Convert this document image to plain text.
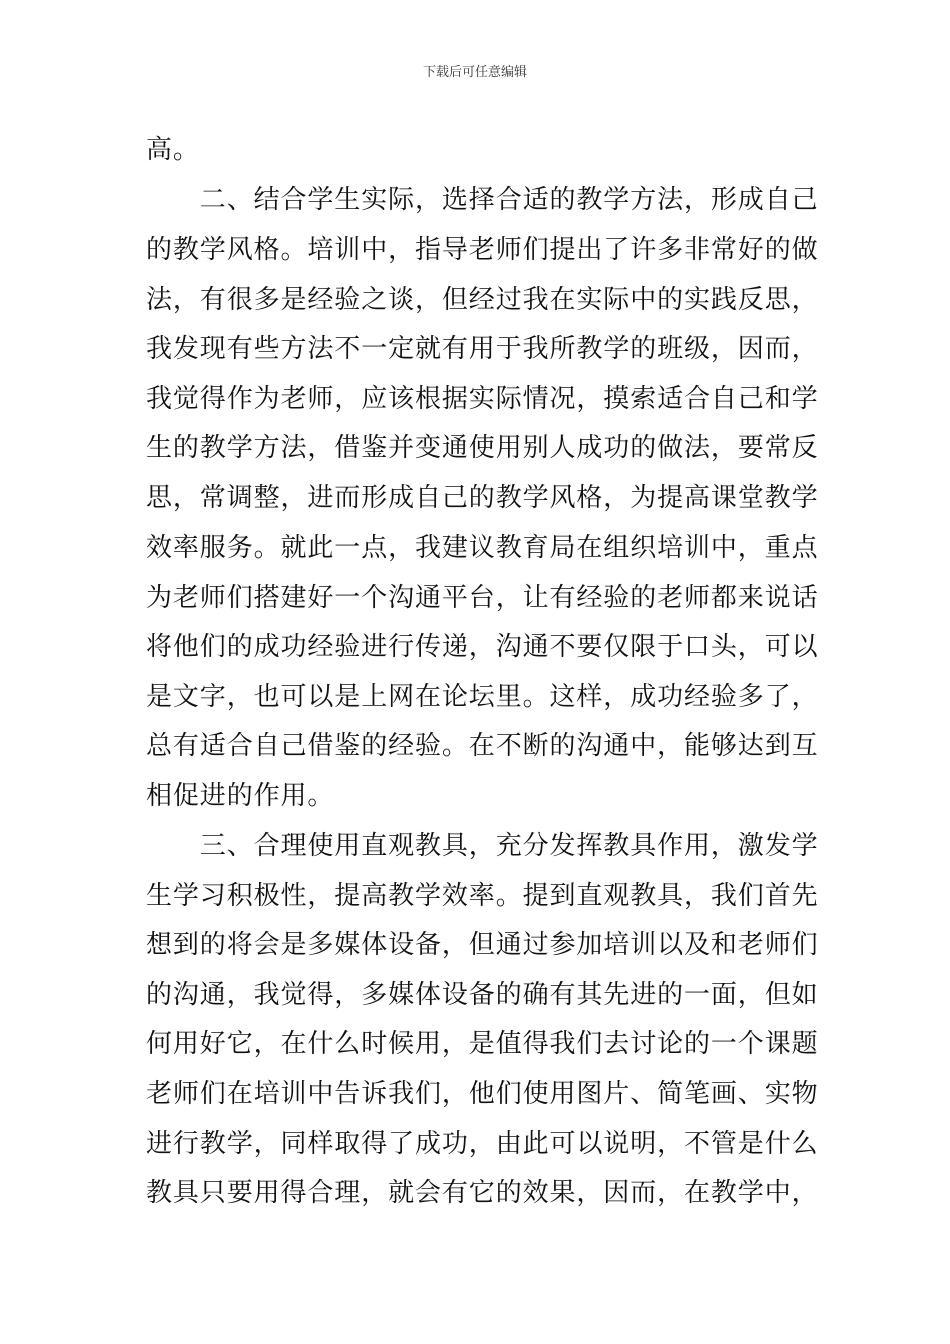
下载后可任意编辑
高。
　　二、结合学生实际，选择合适的教学方法，形成自己
的教学风格。培训中，指导老师们提出了许多非常好的做
法，有很多是经验之谈，但经过我在实际中的实践反思，
我发现有些方法不一定就有用于我所教学的班级，因而，
我觉得作为老师，应该根据实际情况，摸索适合自己和学
生的教学方法，借鉴并变通使用别人成功的做法，要常反
思，常调整，进而形成自己的教学风格，为提高课堂教学
效率服务。就此一点，我建议教育局在组织培训中，重点
为老师们搭建好一个沟通平台，让有经验的老师都来说话
将他们的成功经验进行传递，沟通不要仅限于口头，可以
是文字，也可以是上网在论坛里。这样，成功经验多了，
总有适合自己借鉴的经验。在不断的沟通中，能够达到互
相促进的作用。
　　三、合理使用直观教具，充分发挥教具作用，激发学
生学习积极性，提高教学效率。提到直观教具，我们首先
想到的将会是多媒体设备，但通过参加培训以及和老师们
的沟通，我觉得，多媒体设备的确有其先进的一面，但如
何用好它，在什么时候用，是值得我们去讨论的一个课题
老师们在培训中告诉我们，他们使用图片、简笔画、实物
进行教学，同样取得了成功，由此可以说明，不管是什么
教具只要用得合理，就会有它的效果，因而，在教学中，
